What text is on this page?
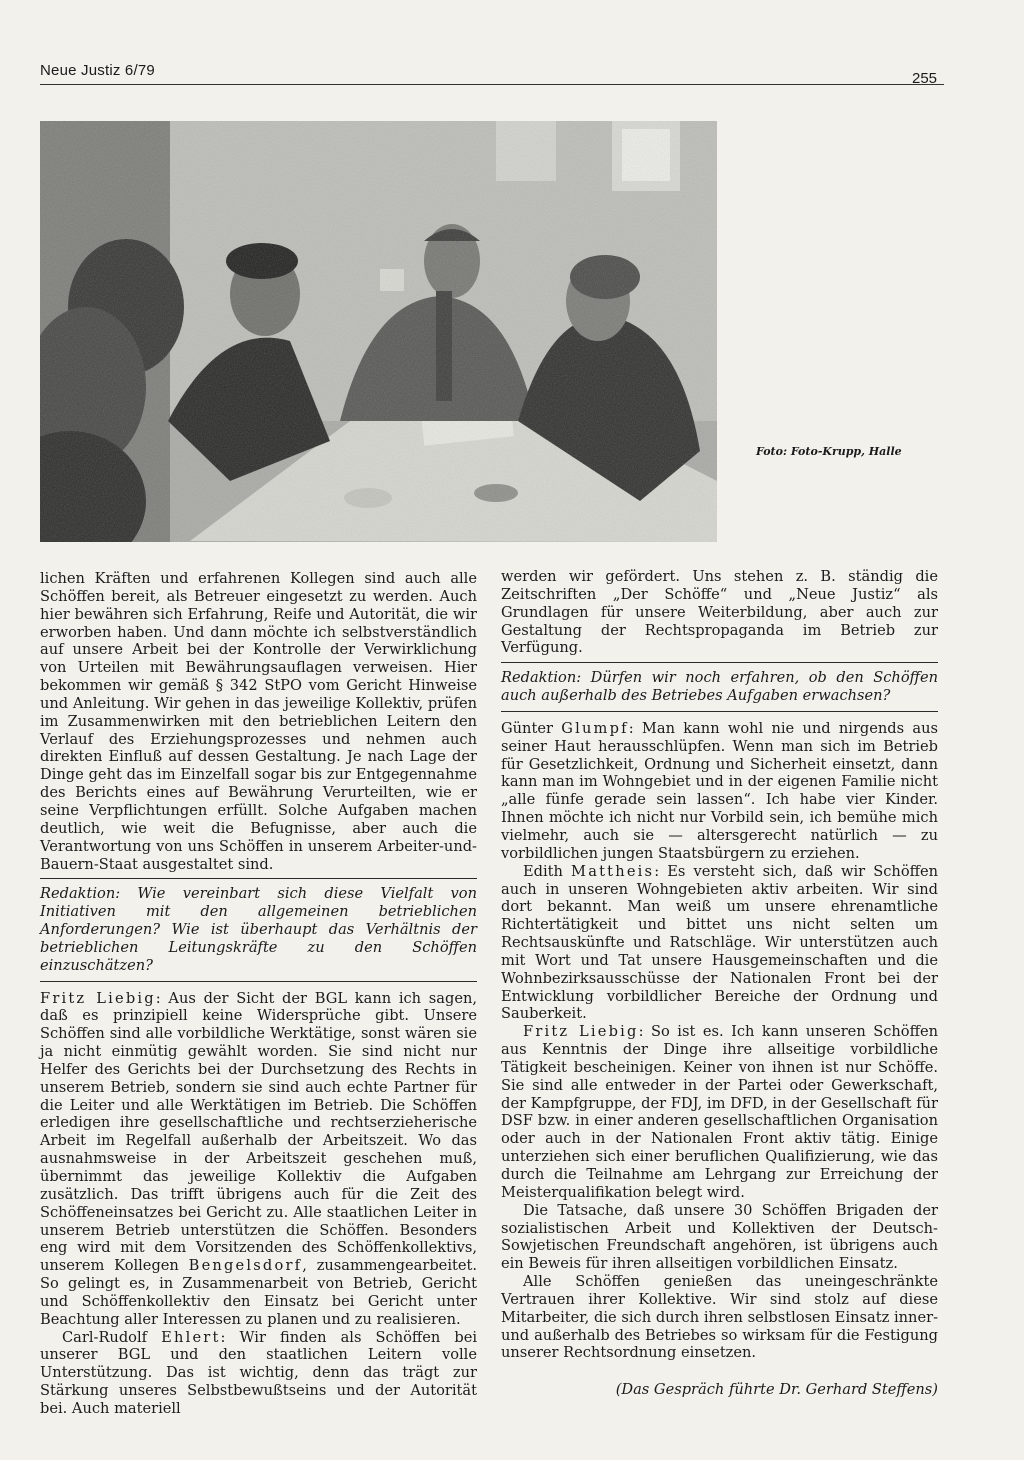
Neue Justiz 6/79	255
Foto: Foto-Krupp, Halle

lichen Kräften und erfahrenen Kollegen sind auch alle Schöffen bereit, als Betreuer eingesetzt zu werden. Auch hier bewähren sich Erfahrung, Reife und Autorität, die wir erworben haben. Und dann möchte ich selbstverständlich auf unsere Arbeit bei der Kontrolle der Verwirklichung von Urteilen mit Bewährungsauflagen verweisen. Hier bekommen wir gemäß § 342 StPO vom Gericht Hinweise und Anleitung. Wir gehen in das jeweilige Kollektiv, prüfen im Zusammenwirken mit den betrieblichen Leitern den Verlauf des Erziehungsprozesses und nehmen auch direkten Einfluß auf dessen Gestaltung. Je nach Lage der Dinge geht das im Einzelfall sogar bis zur Entgegennahme des Berichts eines auf Bewährung Verurteilten, wie er seine Verpflichtungen erfüllt. Solche Aufgaben machen deutlich, wie weit die Befugnisse, aber auch die Verantwortung von uns Schöffen in unserem Arbeiter-und-Bauern-Staat ausgestaltet sind.

Redaktion: Wie vereinbart sich diese Vielfalt von Initiativen mit den allgemeinen betrieblichen Anforderungen? Wie ist überhaupt das Verhältnis der betrieblichen Leitungskräfte zu den Schöffen einzuschätzen?

Fritz Liebig: Aus der Sicht der BGL kann ich sagen, daß es prinzipiell keine Widersprüche gibt. Unsere Schöffen sind alle vorbildliche Werktätige, sonst wären sie ja nicht einmütig gewählt worden. Sie sind nicht nur Helfer des Gerichts bei der Durchsetzung des Rechts in unserem Betrieb, sondern sie sind auch echte Partner für die Leiter und alle Werktätigen im Betrieb. Die Schöffen erledigen ihre gesellschaftliche und rechtserzieherische Arbeit im Regelfall außerhalb der Arbeitszeit. Wo das ausnahmsweise in der Arbeitszeit geschehen muß, übernimmt das jeweilige Kollektiv die Aufgaben zusätzlich. Das trifft übrigens auch für die Zeit des Schöffeneinsatzes bei Gericht zu. Alle staatlichen Leiter in unserem Betrieb unterstützen die Schöffen. Besonders eng wird mit dem Vorsitzenden des Schöffenkollektivs, unserem Kollegen Bengelsdorf, zusammengearbeitet. So gelingt es, in Zusammenarbeit von Betrieb, Gericht und Schöffenkollektiv den Einsatz bei Gericht unter Beachtung aller Interessen zu planen und zu realisieren.

Carl-Rudolf Ehlert: Wir finden als Schöffen bei unserer BGL und den staatlichen Leitern volle Unterstützung. Das ist wichtig, denn das trägt zur Stärkung unseres Selbstbewußtseins und der Autorität bei. Auch materiell

werden wir gefördert. Uns stehen z. B. ständig die Zeitschriften „Der Schöffe“ und „Neue Justiz“ als Grundlagen für unsere Weiterbildung, aber auch zur Gestaltung der Rechtspropaganda im Betrieb zur Verfügung.

Redaktion: Dürfen wir noch erfahren, ob den Schöffen auch außerhalb des Betriebes Aufgaben erwachsen?

Günter Glumpf: Man kann wohl nie und nirgends aus seiner Haut herausschlüpfen. Wenn man sich im Betrieb für Gesetzlichkeit, Ordnung und Sicherheit einsetzt, dann kann man im Wohngebiet und in der eigenen Familie nicht „alle fünfe gerade sein lassen“. Ich habe vier Kinder. Ihnen möchte ich nicht nur Vorbild sein, ich bemühe mich vielmehr, auch sie — altersgerecht natürlich — zu vorbildlichen jungen Staatsbürgern zu erziehen.

Edith Mattheis: Es versteht sich, daß wir Schöffen auch in unseren Wohngebieten aktiv arbeiten. Wir sind dort bekannt. Man weiß um unsere ehrenamtliche Richtertätigkeit und bittet uns nicht selten um Rechtsauskünfte und Ratschläge. Wir unterstützen auch mit Wort und Tat unsere Hausgemeinschaften und die Wohnbezirksausschüsse der Nationalen Front bei der Entwicklung vorbildlicher Bereiche der Ordnung und Sauberkeit.

Fritz Liebig: So ist es. Ich kann unseren Schöffen aus Kenntnis der Dinge ihre allseitige vorbildliche Tätigkeit bescheinigen. Keiner von ihnen ist nur Schöffe. Sie sind alle entweder in der Partei oder Gewerkschaft, der Kampfgruppe, der FDJ, im DFD, in der Gesellschaft für DSF bzw. in einer anderen gesellschaftlichen Organisation oder auch in der Nationalen Front aktiv tätig. Einige unterziehen sich einer beruflichen Qualifizierung, wie das durch die Teilnahme am Lehrgang zur Erreichung der Meisterqualifikation belegt wird.

Die Tatsache, daß unsere 30 Schöffen Brigaden der sozialistischen Arbeit und Kollektiven der Deutsch-Sowjetischen Freundschaft angehören, ist übrigens auch ein Beweis für ihren allseitigen vorbildlichen Einsatz.

Alle Schöffen genießen das uneingeschränkte Vertrauen ihrer Kollektive. Wir sind stolz auf diese Mitarbeiter, die sich durch ihren selbstlosen Einsatz inner- und außerhalb des Betriebes so wirksam für die Festigung unserer Rechtsordnung einsetzen.

(Das Gespräch führte Dr. Gerhard Steffens)
